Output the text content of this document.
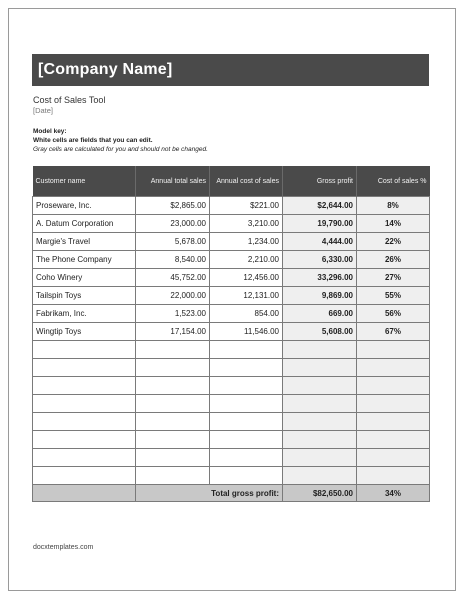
[Company Name]
Cost of Sales Tool
[Date]
Model key:
White cells are fields that you can edit.
Gray cells are calculated for you and should not be changed.
Customer name	Annual total sales	Annual cost of sales	Gross profit	Cost of sales %
Proseware, Inc.	$2,865.00	$221.00	$2,644.00	8%
A. Datum Corporation	23,000.00	3,210.00	19,790.00	14%
Margie's Travel	5,678.00	1,234.00	4,444.00	22%
The Phone Company	8,540.00	2,210.00	6,330.00	26%
Coho Winery	45,752.00	12,456.00	33,296.00	27%
Tailspin Toys	22,000.00	12,131.00	9,869.00	55%
Fabrikam, Inc.	1,523.00	854.00	669.00	56%
Wingtip Toys	17,154.00	11,546.00	5,608.00	67%

	Total gross profit:		$82,650.00	34%
docxtemplates.com
